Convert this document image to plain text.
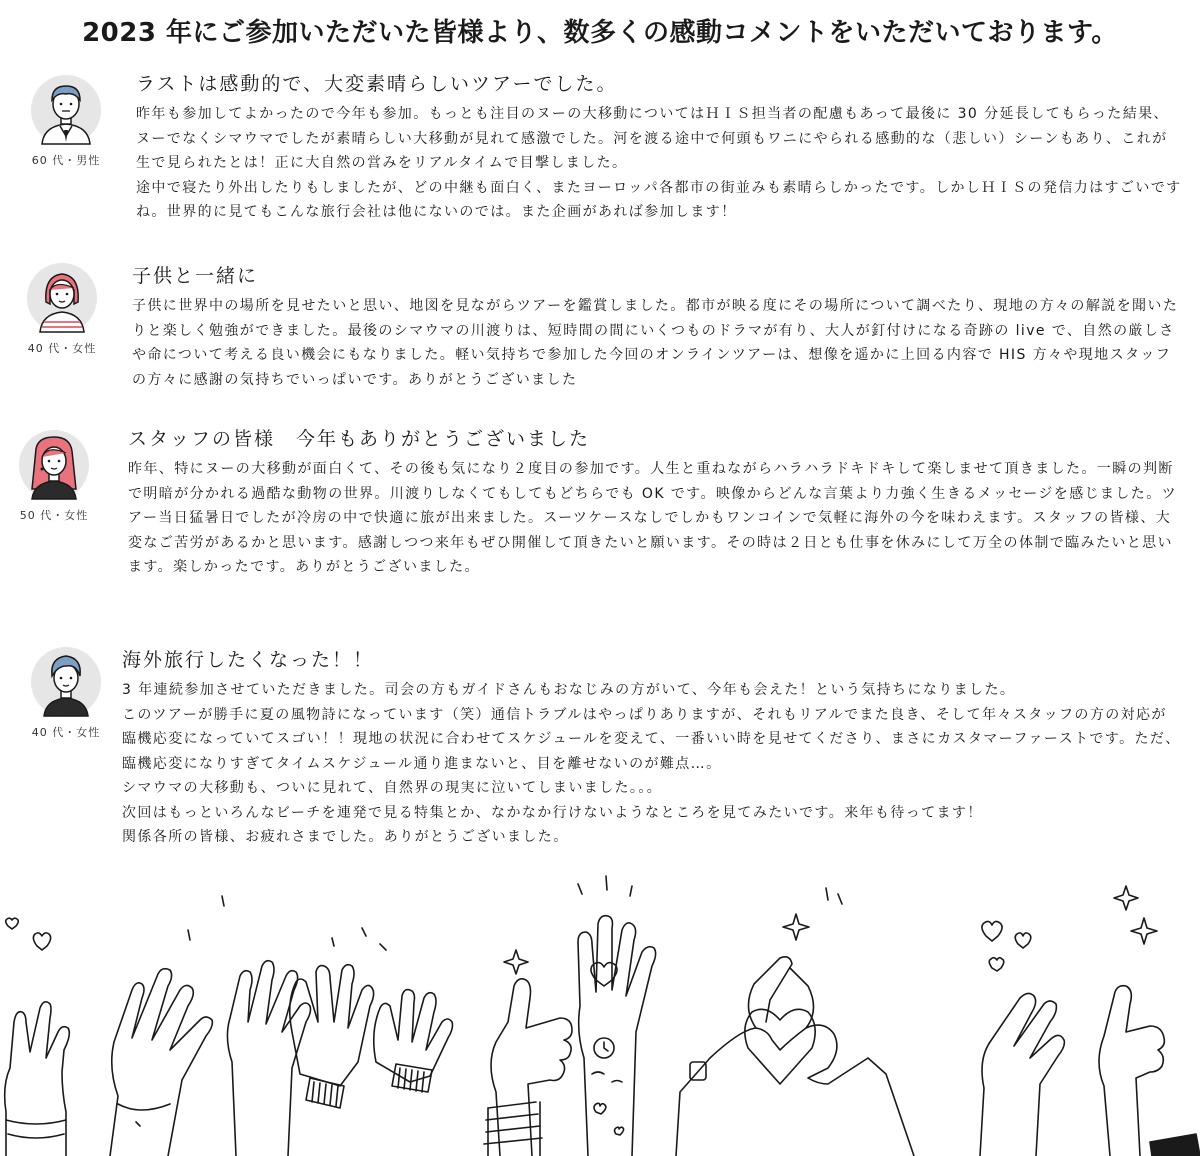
2023 年にご参加いただいた皆様より、数多くの感動コメントをいただいております。
60 代・男性
ラストは感動的で、大変素晴らしいツアーでした。

昨年も参加してよかったので今年も参加。もっとも注目のヌーの大移動についてはＨＩＳ担当者の配慮もあって最後に 30 分延長してもらった結果、ヌーでなくシマウマでしたが素晴らしい大移動が見れて感激でした。河を渡る途中で何頭もワニにやられる感動的な（悲しい）シーンもあり、これが生で見られたとは！正に大自然の営みをリアルタイムで目撃しました。

途中で寝たり外出したりもしましたが、どの中継も面白く、またヨーロッパ各都市の街並みも素晴らしかったです。しかしＨＩＳの発信力はすごいですね。世界的に見てもこんな旅行会社は他にないのでは。また企画があれば参加します！

40 代・女性
子供と一緒に

子供に世界中の場所を見せたいと思い、地図を見ながらツアーを鑑賞しました。都市が映る度にその場所について調べたり、現地の方々の解説を聞いたりと楽しく勉強ができました。最後のシマウマの川渡りは、短時間の間にいくつものドラマが有り、大人が釘付けになる奇跡の live で、自然の厳しさや命について考える良い機会にもなりました。軽い気持ちで参加した今回のオンラインツアーは、想像を遥かに上回る内容で HIS 方々や現地スタッフの方々に感謝の気持ちでいっぱいです。ありがとうございました

50 代・女性
スタッフの皆様　今年もありがとうございました

昨年、特にヌーの大移動が面白くて、その後も気になり２度目の参加です。人生と重ねながらハラハラドキドキして楽しませて頂きました。一瞬の判断で明暗が分かれる過酷な動物の世界。川渡りしなくてもしてもどちらでも OK です。映像からどんな言葉より力強く生きるメッセージを感じました。ツアー当日猛暑日でしたが冷房の中で快適に旅が出来ました。スーツケースなしでしかもワンコインで気軽に海外の今を味わえます。スタッフの皆様、大変なご苦労があるかと思います。感謝しつつ来年もぜひ開催して頂きたいと願います。その時は２日とも仕事を休みにして万全の体制で臨みたいと思います。楽しかったです。ありがとうございました。

40 代・女性
海外旅行したくなった！！

3 年連続参加させていただきました。司会の方もガイドさんもおなじみの方がいて、今年も会えた！という気持ちになりました。

このツアーが勝手に夏の風物詩になっています（笑）通信トラブルはやっぱりありますが、それもリアルでまた良き、そして年々スタッフの方の対応が臨機応変になっていてスゴい！！現地の状況に合わせてスケジュールを変えて、一番いい時を見せてくださり、まさにカスタマーファーストです。ただ、臨機応変になりすぎてタイムスケジュール通り進まないと、目を離せないのが難点…。

シマウマの大移動も、ついに見れて、自然界の現実に泣いてしまいました。。。

次回はもっといろんなビーチを連発で見る特集とか、なかなか行けないようなところを見てみたいです。来年も待ってます！

関係各所の皆様、お疲れさまでした。ありがとうございました。
